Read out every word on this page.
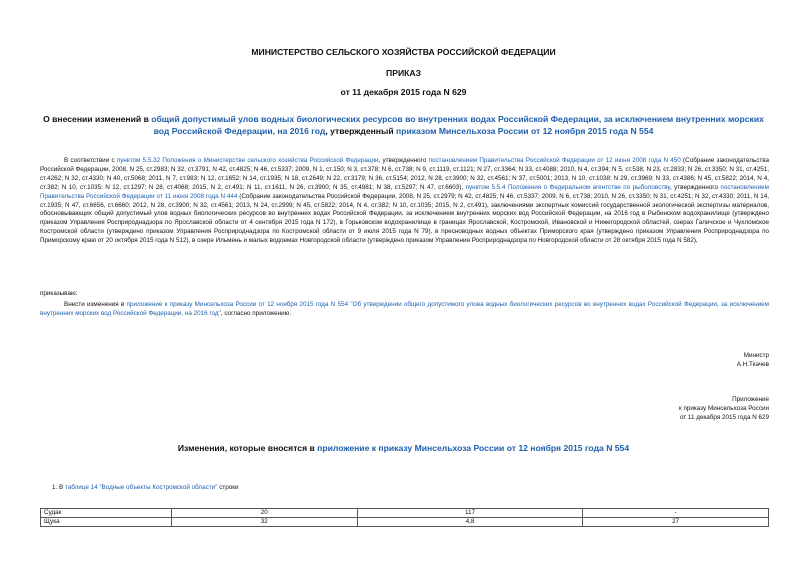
МИНИСТЕРСТВО СЕЛЬСКОГО ХОЗЯЙСТВА РОССИЙСКОЙ ФЕДЕРАЦИИ
ПРИКАЗ
от 11 декабря 2015 года N 629
О внесении изменений в общий допустимый улов водных биологических ресурсов во внутренних водах Российской Федерации, за исключением внутренних морских вод Российской Федерации, на 2016 год, утвержденный приказом Минсельхоза России от 12 ноября 2015 года N 554

В соответствии с пунктом 5.5.32 Положения о Министерстве сельского хозяйства Российской Федерации, утвержденного постановлением Правительства Российской Федерации от 12 июня 2008 года N 450 (Собрание законодательства Российской Федерации, 2008, N 25, ст.2983; N 32, ст.3791; N 42, ст.4825; N 46, ст.5337; 2009, N 1, ст.150; N 3, ст.378; N 6, ст.738; N 9, ст.1119, ст.1121; N 27, ст.3364; N 33, ст.4088; 2010, N 4, ст.394; N 5, ст.538; N 23, ст.2833; N 26, ст.3350; N 31, ст.4251, ст.4262; N 32, ст.4330; N 40, ст.5068; 2011, N 7, ст.983; N 12, ст.1652; N 14, ст.1935; N 18, ст.2649; N 22, ст.3179; N 36, ст.5154; 2012, N 28, ст.3900; N 32, ст.4561; N 37, ст.5001; 2013, N 10, ст.1038; N 29, ст.3969; N 33, ст.4386; N 45, ст.5822; 2014, N 4, ст.382; N 10, ст.1035; N 12, ст.1297; N 28, ст.4068; 2015, N 2, ст.491; N 11, ст.1611; N 26, ст.3900; N 35, ст.4981; N 38, ст.5297; N 47, ст.6603), пунктом 5.5.4 Положения о Федеральном агентстве по рыболовству, утвержденного постановлением Правительства Российской Федерации от 11 июня 2008 года N 444 (Собрание законодательства Российской Федерации, 2008, N 25, ст.2979; N 42, ст.4825; N 46, ст.5337; 2009, N 6, ст.738; 2010, N 26, ст.3350; N 31, ст.4251; N 32, ст.4330; 2011, N 14, ст.1935; N 47, ст.6656, ст.6660; 2012, N 28, ст.3900; N 32, ст.4561; 2013, N 24, ст.2999; N 45, ст.5822; 2014, N 4, ст.382; N 10, ст.1035; 2015, N 2, ст.491), заключениями экспертных комиссий государственной экологической экспертизы материалов, обосновывающих общий допустимый улов водных биологических ресурсов во внутренних водах Российской Федерации, за исключением внутренних морских вод Российской Федерации, на 2016 год в Рыбинском водохранилище (утверждено приказом Управления Росприроднадзора по Ярославской области от 4 сентября 2015 года N 172), в Горьковском водохранилище в границах Ярославской, Костромской, Ивановской и Нижегородской областей, озерах Галичское и Чухломское Костромской области (утверждено приказом Управления Росприроднадзора по Костромской области от 9 июля 2015 года N 79), в пресноводных водных объектах Приморского края (утверждено приказом Управления Росприроднадзора по Приморскому краю от 20 октября 2015 года N 512), в озере Ильмень и малых водоемах Новгородской области (утверждено приказом Управления Росприроднадзора по Новгородской области от 28 октября 2015 года N 582),

приказываю:
Внести изменения в приложение к приказу Минсельхоза России от 12 ноября 2015 года N 554 "Об утверждении общего допустимого улова водных биологических ресурсов во внутренних водах Российской Федерации, за исключением внутренних морских вод Российской Федерации, на 2016 год", согласно приложению.
Министр
А.Н.Ткачев
Приложение
к приказу Минсельхоза России
от 11 декабря 2015 года N 629
Изменения, которые вносятся в приложение к приказу Минсельхоза России от 12 ноября 2015 года N 554
1. В таблице 14 "Водные объекты Костромской области" строки
Судак	20	117	-
Щука	32	4,8	27
